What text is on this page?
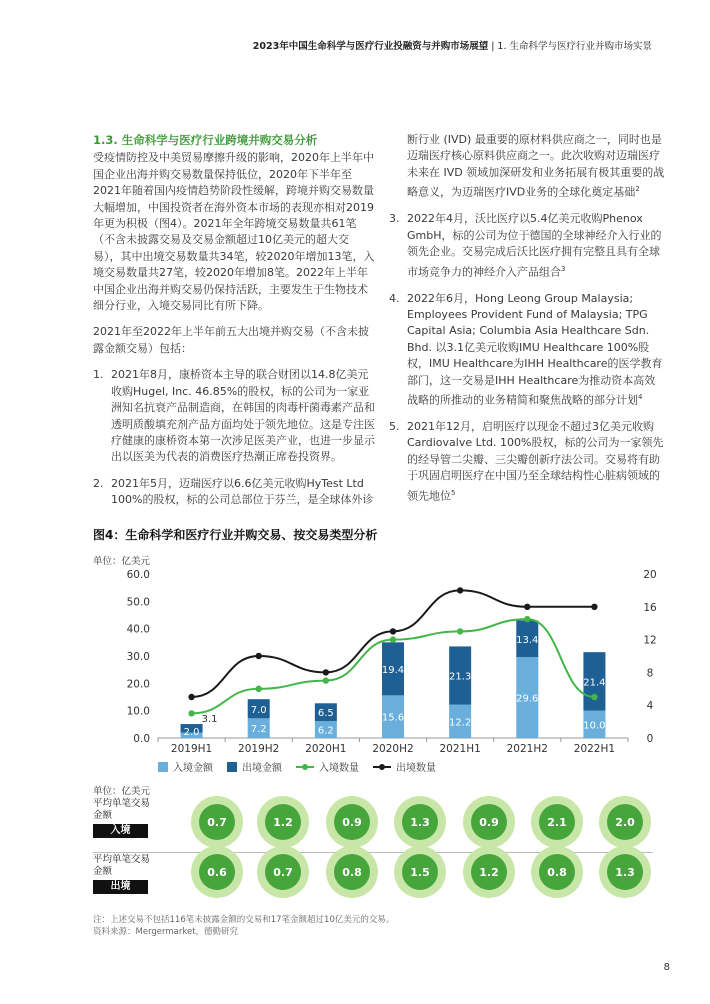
2023年中国生命科学与医疗行业投融资与并购市场展望 | 1. 生命科学与医疗行业并购市场实景
1.3. 生命科学与医疗行业跨境并购交易分析

受疫情防控及中美贸易摩擦升级的影响，2020年上半年中国企业出海并购交易数量保持低位，2020年下半年至2021年随着国内疫情趋势阶段性缓解，跨境并购交易数量大幅增加，中国投资者在海外资本市场的表现亦相对2019年更为积极（图4）。2021年全年跨境交易数量共61笔（不含未披露交易及交易金额超过10亿美元的超大交易），其中出境交易数量共34笔，较2020年增加13笔，入境交易数量共27笔，较2020年增加8笔。2022年上半年中国企业出海并购交易仍保持活跃，主要发生于生物技术细分行业，入境交易同比有所下降。

2021年至2022年上半年前五大出境并购交易（不含未披露金额交易）包括：

1. 2021年8月，康桥资本主导的联合财团以14.8亿美元收购Hugel, Inc. 46.85%的股权，标的公司为一家亚洲知名抗衰产品制造商，在韩国的肉毒杆菌毒素产品和透明质酸填充剂产品方面均处于领先地位。这是专注医疗健康的康桥资本第一次涉足医美产业，也进一步显示出以医美为代表的消费医疗热潮正席卷投资界。
2. 2021年5月，迈瑞医疗以6.6亿美元收购HyTest Ltd 100%的股权，标的公司总部位于芬兰，是全球体外诊

断行业 (IVD) 最重要的原材料供应商之一，同时也是迈瑞医疗核心原料供应商之一。此次收购对迈瑞医疗未来在 IVD 领域加深研发和业务拓展有极其重要的战略意义，为迈瑞医疗IVD业务的全球化奠定基础$^2$

3. 2022年4月，沃比医疗以5.4亿美元收购Phenox GmbH，标的公司为位于德国的全球神经介入行业的领先企业。交易完成后沃比医疗拥有完整且具有全球市场竞争力的神经介入产品组合$^3$
4. 2022年6月，Hong Leong Group Malaysia; Employees Provident Fund of Malaysia; TPG Capital Asia; Columbia Asia Healthcare Sdn. Bhd. 以3.1亿美元收购IMU Healthcare 100%股权，IMU Healthcare为IHH Healthcare的医学教育部门，这一交易是IHH Healthcare为推动资本高效战略的所推动的业务精简和聚焦战略的部分计划$^4$
5. 2021年12月，启明医疗以现金不超过3亿美元收购Cardiovalve Ltd. 100%股权，标的公司为一家领先的经导管二尖瓣、三尖瓣创新疗法公司。交易将有助于巩固启明医疗在中国乃至全球结构性心脏病领域的领先地位$^5$
图4：生命科学和医疗行业并购交易、按交易类型分析
单位：亿美元
60.0
50.0
40.0
30.0
20.0
10.0
0.0
20
16
12
8
4
0
2019H1 2019H2 2020H1 2020H2 2021H1 2021H2 2022H1
2.0
3.1
7.2
7.0
6.2
6.5	15.6
19.4
12.2
21.3
29.6
13.4
10.0
21.4
入境金额	出境金额	入境数量	出境数量
单位：亿美元
平均单笔交易
金额
入境
0.7	1.2	0.9	1.3	0.9	2.1	2.0
平均单笔交易
金额
出境
0.6	0.7	0.8	1.5	1.2	0.8	1.3
注：上述交易不包括116笔未披露金额的交易和17笔金额超过10亿美元的交易。
资料来源：Mergermarket，德勤研究
8
